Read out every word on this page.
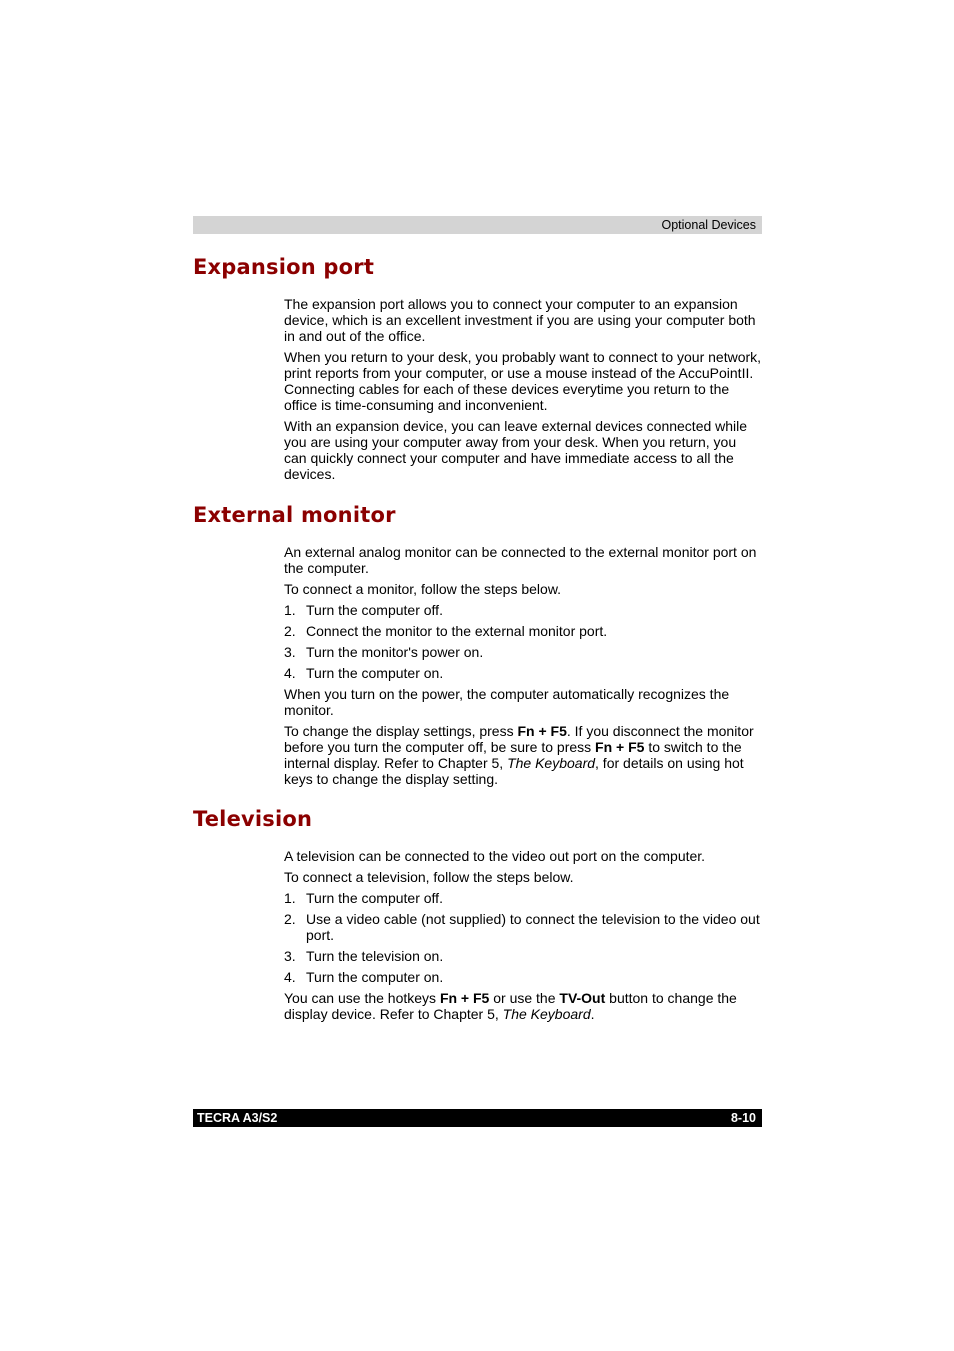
Optional Devices
Expansion port

The expansion port allows you to connect your computer to an expansion device, which is an excellent investment if you are using your computer both in and out of the office.

When you return to your desk, you probably want to connect to your network, print reports from your computer, or use a mouse instead of the AccuPointII. Connecting cables for each of these devices everytime you return to the office is time-consuming and inconvenient.

With an expansion device, you can leave external devices connected while you are using your computer away from your desk. When you return, you can quickly connect your computer and have immediate access to all the devices.

External monitor

An external analog monitor can be connected to the external monitor port on the computer.

To connect a monitor, follow the steps below.

1. Turn the computer off.
2. Connect the monitor to the external monitor port.
3. Turn the monitor's power on.
4. Turn the computer on.

When you turn on the power, the computer automatically recognizes the monitor.

To change the display settings, press Fn + F5. If you disconnect the monitor before you turn the computer off, be sure to press Fn + F5 to switch to the internal display. Refer to Chapter 5, The Keyboard, for details on using hot keys to change the display setting.

Television

A television can be connected to the video out port on the computer.

To connect a television, follow the steps below.

1. Turn the computer off.
2. Use a video cable (not supplied) to connect the television to the video out port.
3. Turn the television on.
4. Turn the computer on.

You can use the hotkeys Fn + F5 or use the TV-Out button to change the display device. Refer to Chapter 5, The Keyboard.

TECRA A3/S2	8-10
